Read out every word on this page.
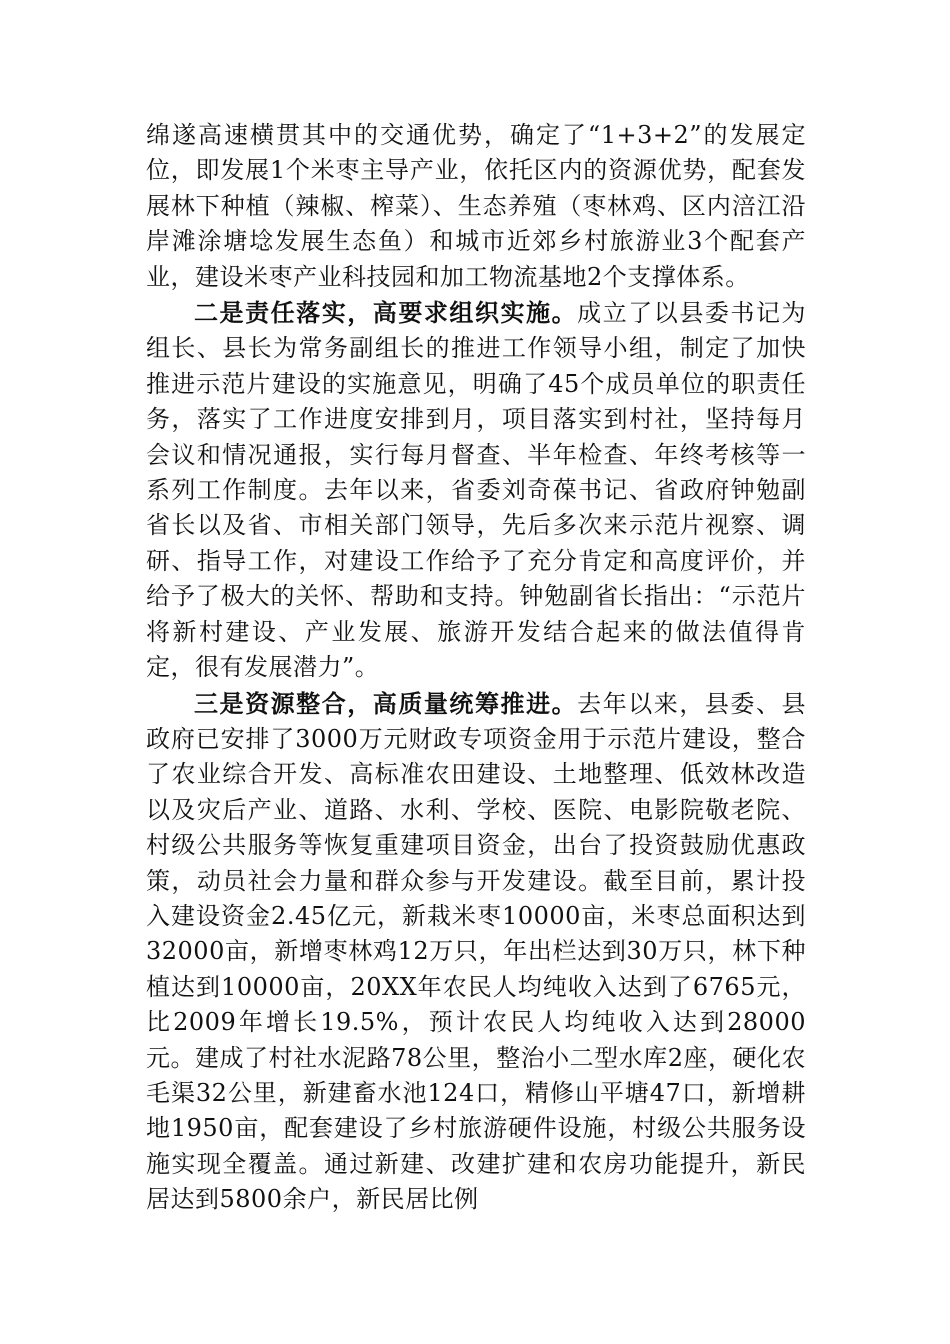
绵遂高速横贯其中的交通优势，确定了“1+3+2”的发展定位，即发展1个米枣主导产业，依托区内的资源优势，配套发展林下种植（辣椒、榨菜）、生态养殖（枣林鸡、区内涪江沿岸滩涂塘埝发展生态鱼）和城市近郊乡村旅游业3个配套产业，建设米枣产业科技园和加工物流基地2个支撑体系。

二是责任落实，高要求组织实施。成立了以县委书记为组长、县长为常务副组长的推进工作领导小组，制定了加快推进示范片建设的实施意见，明确了45个成员单位的职责任务，落实了工作进度安排到月，项目落实到村社，坚持每月会议和情况通报，实行每月督查、半年检查、年终考核等一系列工作制度。去年以来，省委刘奇葆书记、省政府钟勉副省长以及省、市相关部门领导，先后多次来示范片视察、调研、指导工作，对建设工作给予了充分肯定和高度评价，并给予了极大的关怀、帮助和支持。钟勉副省长指出：“示范片将新村建设、产业发展、旅游开发结合起来的做法值得肯定，很有发展潜力”。

三是资源整合，高质量统筹推进。去年以来，县委、县政府已安排了3000万元财政专项资金用于示范片建设，整合了农业综合开发、高标准农田建设、土地整理、低效林改造以及灾后产业、道路、水利、学校、医院、电影院敬老院、村级公共服务等恢复重建项目资金，出台了投资鼓励优惠政策，动员社会力量和群众参与开发建设。截至目前，累计投入建设资金2.45亿元，新栽米枣10000亩，米枣总面积达到32000亩，新增枣林鸡12万只，年出栏达到30万只，林下种植达到10000亩，20XX年农民人均纯收入达到了6765元，比2009年增长19.5%，预计农民人均纯收入达到28000元。建成了村社水泥路78公里，整治小二型水库2座，硬化农毛渠32公里，新建畜水池124口，精修山平塘47口，新增耕地1950亩，配套建设了乡村旅游硬件设施，村级公共服务设施实现全覆盖。通过新建、改建扩建和农房功能提升，新民居达到5800余户，新民居比例
